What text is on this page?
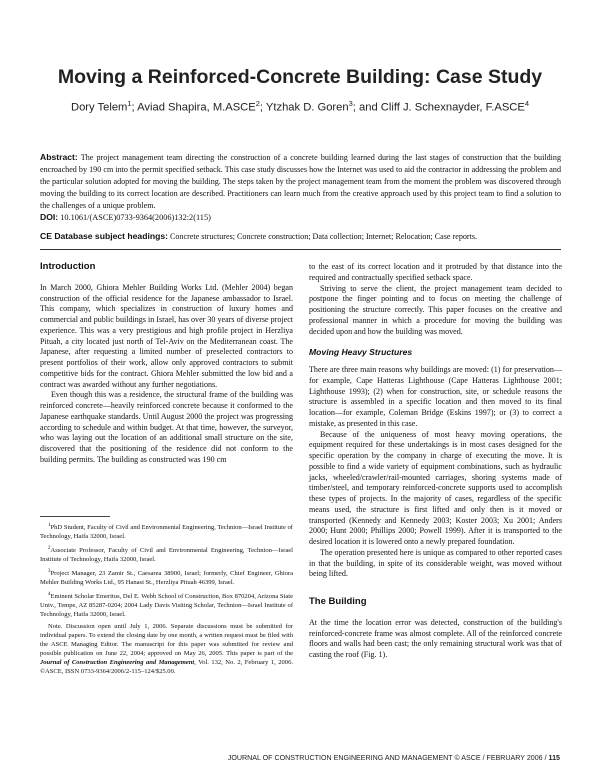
Moving a Reinforced-Concrete Building: Case Study
Dory Telem$^1$; Aviad Shapira, M.ASCE$^2$; Ytzhak D. Goren$^3$; and Cliff J. Schexnayder, F.ASCE$^4$
Abstract: The project management team directing the construction of a concrete building learned during the last stages of construction that the building encroached by 190 cm into the permit specified setback. This case study discusses how the Internet was used to aid the contractor in addressing the problem and the particular solution adopted for moving the building. The steps taken by the project management team from the moment the problem was discovered through moving the building to its correct location are described. Practitioners can learn much from the creative approach used by this project team to find a solution to the challenges of a unique problem.
DOI: 10.1061/(ASCE)0733-9364(2006)132:2(115)
CE Database subject headings: Concrete structures; Concrete construction; Data collection; Internet; Relocation; Case reports.
Introduction

In March 2000, Ghiora Mehler Building Works Ltd. (Mehler 2004) began construction of the official residence for the Japanese ambassador to Israel. This company, which specializes in construction of luxury homes and commercial and public buildings in Israel, has over 30 years of diverse project experience. This was a very prestigious and high profile project in Herzliya Pituah, a city located just north of Tel-Aviv on the Mediterranean coast. The Japanese, after requesting a limited number of preselected contractors to present portfolios of their work, allow only approved contractors to submit competitive bids for the contract. Ghiora Mehler submitted the low bid and a contract was awarded without any further negotiations.

Even though this was a residence, the structural frame of the building was reinforced concrete—heavily reinforced concrete because it conformed to the Japanese earthquake standards. Until August 2000 the project was progressing according to schedule and within budget. At that time, however, the surveyor, who was laying out the location of an additional small structure on the site, discovered that the positioning of the residence did not conform to the building permits. The building as constructed was 190 cm

$^1$PhD Student, Faculty of Civil and Environmental Engineering, Technion—Israel Institute of Technology, Haifa 32000, Israel.

$^2$Associate Professor, Faculty of Civil and Environmental Engineering, Technion—Israel Institute of Technology, Haifa 32000, Israel.

$^3$Project Manager, 23 Zamir St., Caesarea 38900, Israel; formerly, Chief Engineer, Ghiora Mehler Building Works Ltd., 95 Hanasi St., Herzliya Pituah 46399, Israel.

$^4$Eminent Scholar Emeritus, Del E. Webb School of Construction, Box 870204, Arizona State Univ., Tempe, AZ 85287-0204; 2004 Lady Davis Visiting Scholar, Technion—Israel Institute of Technology, Haifa 32000, Israel.

Note. Discussion open until July 1, 2006. Separate discussions must be submitted for individual papers. To extend the closing date by one month, a written request must be filed with the ASCE Managing Editor. The manuscript for this paper was submitted for review and possible publication on June 22, 2004; approved on May 26, 2005. This paper is part of the Journal of Construction Engineering and Management, Vol. 132, No. 2, February 1, 2006. ©ASCE, ISSN 0733-9364/2006/2-115–124/$25.00.

to the east of its correct location and it protruded by that distance into the required and contractually specified setback space.

Striving to serve the client, the project management team decided to postpone the finger pointing and to focus on meeting the challenge of positioning the structure correctly. This paper focuses on the creative and professional manner in which a procedure for moving the building was decided upon and how the building was moved.

Moving Heavy Structures

There are three main reasons why buildings are moved: (1) for preservation—for example, Cape Hatteras Lighthouse (Cape Hatteras Lighthouse 2001; Lighthouse 1993); (2) when for construction, site, or schedule reasons the structure is assembled in a specific location and then moved to its final location—for example, Coleman Bridge (Eskins 1997); or (3) to correct a mistake, as presented in this case.

Because of the uniqueness of most heavy moving operations, the equipment required for these undertakings is in most cases designed for the specific operation by the company in charge of executing the move. It is possible to find a wide variety of equipment combinations, such as hydraulic jacks, wheeled/crawler/rail-mounted carriages, shoring systems made of timber/steel, and temporary reinforced-concrete supports used to accomplish these types of projects. In the majority of cases, regardless of the specific means used, the structure is first lifted and only then is it moved or transported (Kennedy and Kennedy 2003; Koster 2003; Xu 2001; Anders 2000; Hunt 2000; Phillips 2000; Powell 1999). After it is transported to the desired location it is lowered onto a newly prepared foundation.

The operation presented here is unique as compared to other reported cases in that the building, in spite of its considerable weight, was moved without being lifted.

The Building

At the time the location error was detected, construction of the building's reinforced-concrete frame was almost complete. All of the reinforced concrete floors and walls had been cast; the only remaining structural work was that of casting the roof (Fig. 1).

JOURNAL OF CONSTRUCTION ENGINEERING AND MANAGEMENT © ASCE / FEBRUARY 2006 / 115
